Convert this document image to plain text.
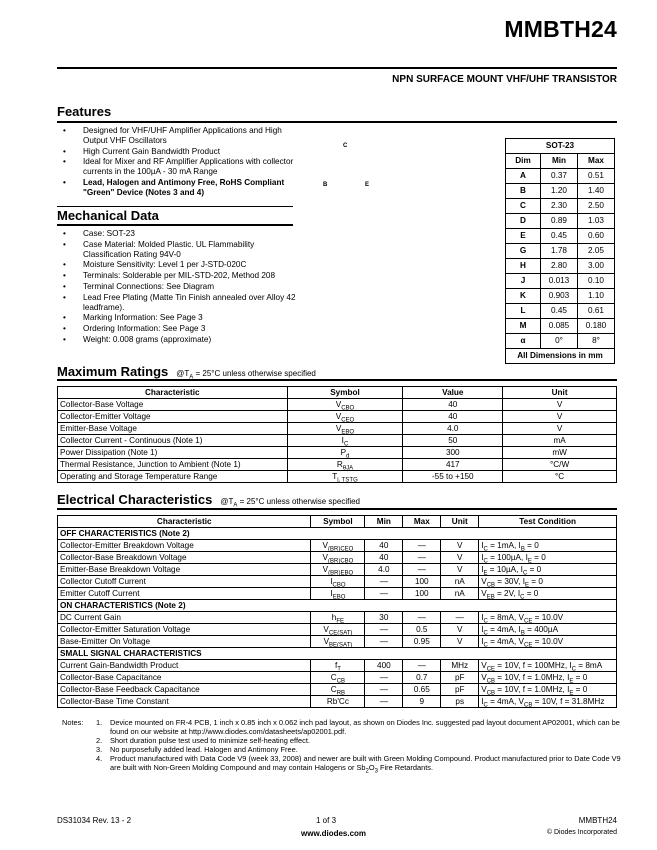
MMBTH24
NPN SURFACE MOUNT VHF/UHF TRANSISTOR
Features
• Designed for VHF/UHF Amplifier Applications and High Output VHF Oscillators
• High Current Gain Bandwidth Product
• Ideal for Mixer and RF Amplifier Applications with collector currents in the 100µA - 30 mA Range
• Lead, Halogen and Antimony Free, RoHS Compliant "Green" Device (Notes 3 and 4)
C
B	E
Mechanical Data
• Case: SOT-23
• Case Material: Molded Plastic. UL Flammability Classification Rating 94V-0
• Moisture Sensitivity: Level 1 per J-STD-020C
• Terminals: Solderable per MIL-STD-202, Method 208
• Terminal Connections: See Diagram
• Lead Free Plating (Matte Tin Finish annealed over Alloy 42 leadframe).
• Marking Information: See Page 3
• Ordering Information: See Page 3
• Weight: 0.008 grams (approximate)
SOT-23		
Dim	Min	Max
A	0.37	0.51
B	1.20	1.40
C	2.30	2.50
D	0.89	1.03
E	0.45	0.60
G	1.78	2.05
H	2.80	3.00
J	0.013	0.10
K	0.903	1.10
L	0.45	0.61
M	0.085	0.180
α	0°	8°
All Dimensions in mm		
Maximum Ratings $@T_A = 25^\circ C$ unless otherwise specified
Characteristic	Symbol	Value	Unit
Collector-Base Voltage	$V_{CBO}$	40	V
Collector-Emitter Voltage	$V_{CEO}$	40	V
Emitter-Base Voltage	$V_{EBO}$	4.0	V
Collector Current - Continuous (Note 1)	$I_C$	50	mA
Power Dissipation (Note 1)	$P_d$	300	mW
Thermal Resistance, Junction to Ambient (Note 1)	$R_{\theta JA}$	417	°C/W
Operating and Storage Temperature Range	$T_{j, TSTG}$	-55 to +150	°C
Electrical Characteristics $@T_A = 25^\circ C$ unless otherwise specified
Characteristic	Symbol	Min	Max	Unit	Test Condition
OFF CHARACTERISTICS (Note 2)					
Collector-Emitter Breakdown Voltage	$V_{(BR)CEO}$	40	—	V	$I_C = 1mA$, $I_B = 0$
Collector-Base Breakdown Voltage	$V_{(BR)CBO}$	40	—	V	$I_C = 100\mu A$, $I_E = 0$
Emitter-Base Breakdown Voltage	$V_{(BR)EBO}$	4.0	—	V	$I_E = 10\mu A$, $I_C = 0$
Collector Cutoff Current	$I_{CBO}$	—	100	nA	$V_{CB} = 30V$, $I_E = 0$
Emitter Cutoff Current	$I_{EBO}$	—	100	nA	$V_{EB} = 2V$, $I_C = 0$
ON CHARACTERISTICS (Note 2)					
DC Current Gain	$h_{FE}$	30	—	—	$I_C = 8mA$, $V_{CE} = 10.0V$
Collector-Emitter Saturation Voltage	$V_{CE(SAT)}$	—	0.5	V	$I_C = 4mA$, $I_B = 400\mu A$
Base-Emitter On Voltage	$V_{BE(SAT)}$	—	0.95	V	$I_C = 4mA$, $V_{CE} = 10.0V$
SMALL SIGNAL CHARACTERISTICS					
Current Gain-Bandwidth Product	$f_T$	400	—	MHz	$V_{CE} = 10V$, f = 100MHz, $I_C = 8mA$
Collector-Base Capacitance	$C_{CB}$	—	0.7	pF	$V_{CB} = 10V$, f = 1.0MHz, $I_E = 0$
Collector-Base Feedback Capacitance	$C_{RB}$	—	0.65	pF	$V_{CB} = 10V$, f = 1.0MHz, $I_E = 0$
Collector-Base Time Constant	Rb'Cc	—	9	ps	$I_C = 4mA$, $V_{CB} = 10V$, f = 31.8MHz
Notes: 1. Device mounted on FR-4 PCB, 1 inch x 0.85 inch x 0.062 inch pad layout, as shown on Diodes Inc. suggested pad layout document AP02001, which can be found on our website at http://www.diodes.com/datasheets/ap02001.pdf.
2. Short duration pulse test used to minimize self-heating effect.
3. No purposefully added lead. Halogen and Antimony Free.
4. Product manufactured with Data Code V9 (week 33, 2008) and newer are built with Green Molding Compound. Product manufactured prior to Date Code V9 are built with Non-Green Molding Compound and may contain Halogens or $Sb_2O_3$ Fire Retardants.
DS31034 Rev. 13 - 2	1 of 3	MMBTH24
www.diodes.com	© Diodes Incorporated
